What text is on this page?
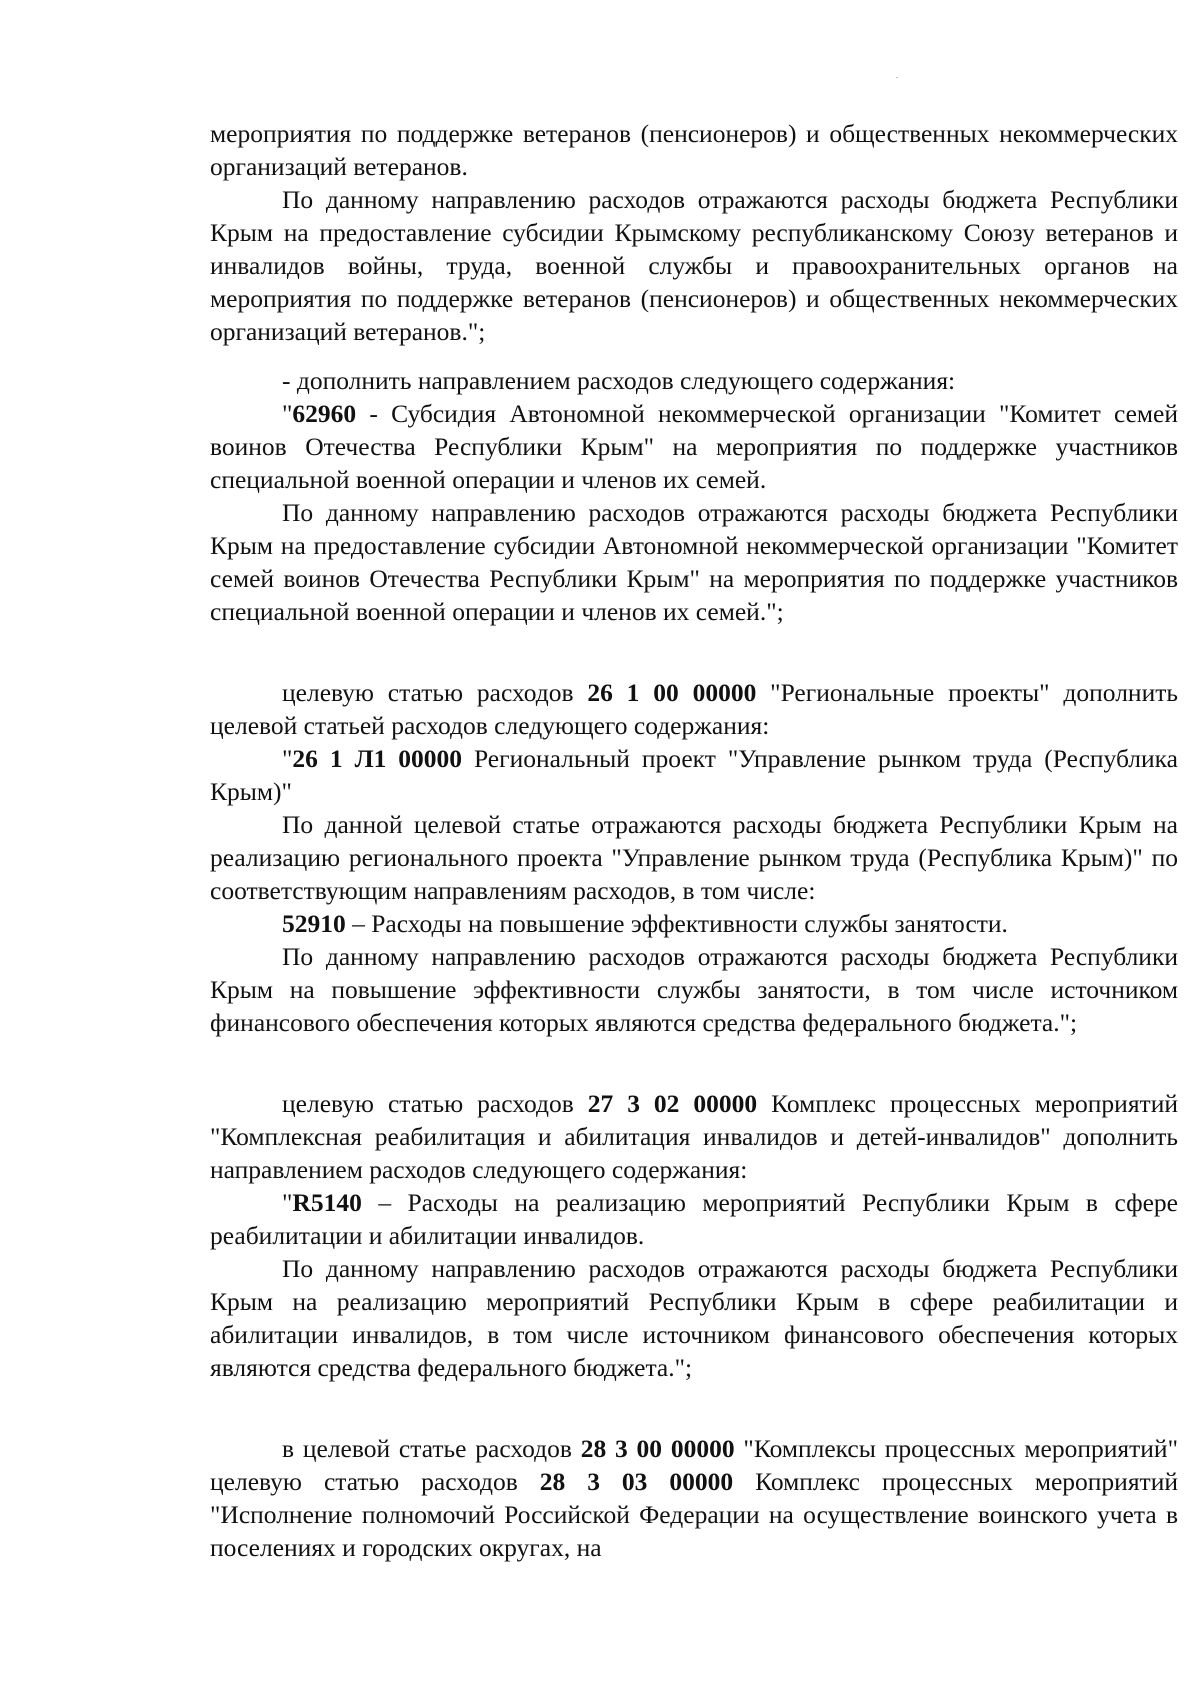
мероприятия по поддержке ветеранов (пенсионеров) и общественных некоммерческих организаций ветеранов.

По данному направлению расходов отражаются расходы бюджета Республики Крым на предоставление субсидии Крымскому республиканскому Союзу ветеранов и инвалидов войны, труда, военной службы и правоохранительных органов на мероприятия по поддержке ветеранов (пенсионеров) и общественных некоммерческих организаций ветеранов.";

- дополнить направлением расходов следующего содержания:

"62960 - Субсидия Автономной некоммерческой организации "Комитет семей воинов Отечества Республики Крым" на мероприятия по поддержке участников специальной военной операции и членов их семей.

По данному направлению расходов отражаются расходы бюджета Республики Крым на предоставление субсидии Автономной некоммерческой организации "Комитет семей воинов Отечества Республики Крым" на мероприятия по поддержке участников специальной военной операции и членов их семей.";

целевую статью расходов 26 1 00 00000 "Региональные проекты" дополнить целевой статьей расходов следующего содержания:

"26 1 Л1 00000 Региональный проект "Управление рынком труда (Республика Крым)"

По данной целевой статье отражаются расходы бюджета Республики Крым на реализацию регионального проекта "Управление рынком труда (Республика Крым)" по соответствующим направлениям расходов, в том числе:

52910 – Расходы на повышение эффективности службы занятости.

По данному направлению расходов отражаются расходы бюджета Республики Крым на повышение эффективности службы занятости, в том числе источником финансового обеспечения которых являются средства федерального бюджета.";

целевую статью расходов 27 3 02 00000 Комплекс процессных мероприятий "Комплексная реабилитация и абилитация инвалидов и детей-инвалидов" дополнить направлением расходов следующего содержания:

"R5140 – Расходы на реализацию мероприятий Республики Крым в сфере реабилитации и абилитации инвалидов.

По данному направлению расходов отражаются расходы бюджета Республики Крым на реализацию мероприятий Республики Крым в сфере реабилитации и абилитации инвалидов, в том числе источником финансового обеспечения которых являются средства федерального бюджета.";

в целевой статье расходов 28 3 00 00000 "Комплексы процессных мероприятий" целевую статью расходов 28 3 03 00000 Комплекс процессных мероприятий "Исполнение полномочий Российской Федерации на осуществление воинского учета в поселениях и городских округах, на
